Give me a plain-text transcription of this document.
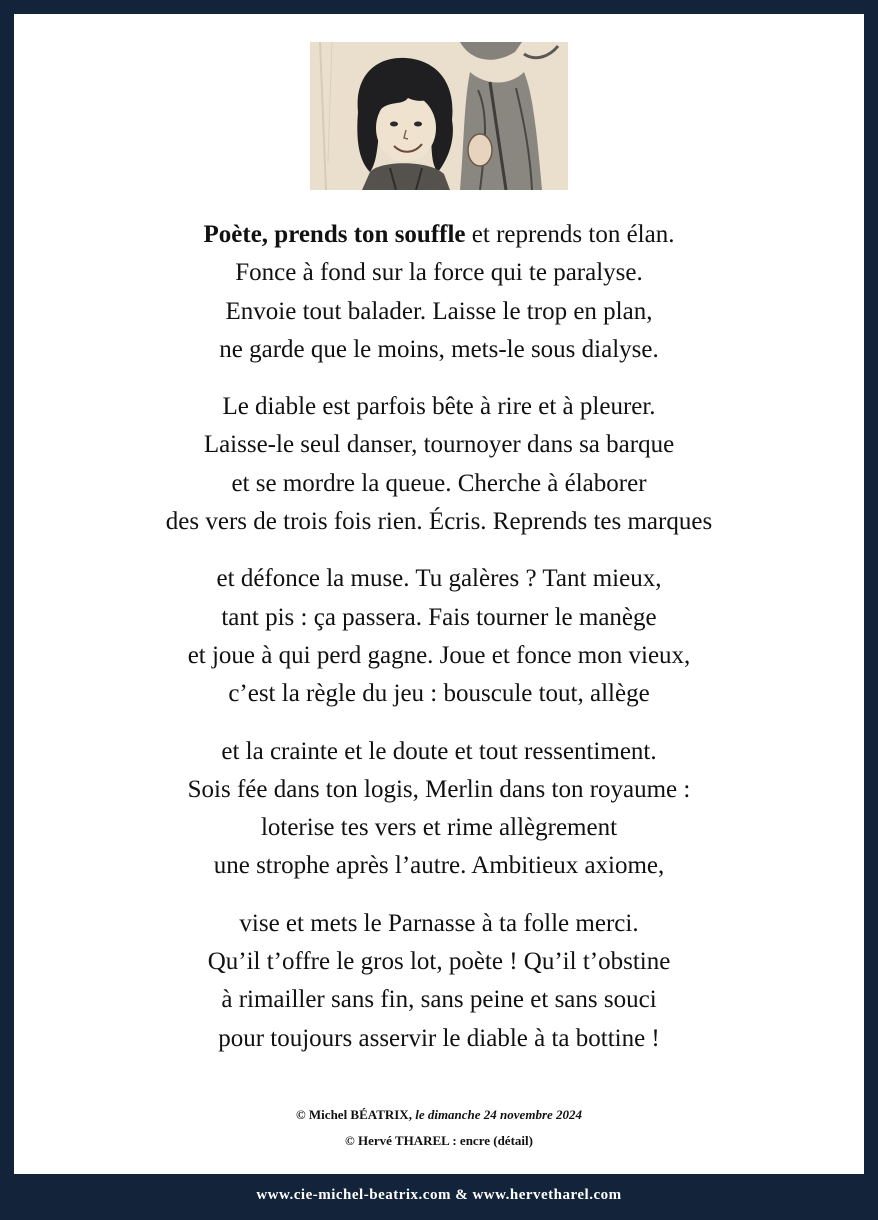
Poète, prends ton souffle et reprends ton élan.
Fonce à fond sur la force qui te paralyse.
Envoie tout balader. Laisse le trop en plan,
ne garde que le moins, mets-le sous dialyse.
Le diable est parfois bête à rire et à pleurer.
Laisse-le seul danser, tournoyer dans sa barque
et se mordre la queue. Cherche à élaborer
des vers de trois fois rien. Écris. Reprends tes marques
et défonce la muse. Tu galères ? Tant mieux,
tant pis : ça passera. Fais tourner le manège
et joue à qui perd gagne. Joue et fonce mon vieux,
c’est la règle du jeu : bouscule tout, allège
et la crainte et le doute et tout ressentiment.
Sois fée dans ton logis, Merlin dans ton royaume :
loterise tes vers et rime allègrement
une strophe après l’autre. Ambitieux axiome,
vise et mets le Parnasse à ta folle merci.
Qu’il t’offre le gros lot, poète ! Qu’il t’obstine
à rimailler sans fin, sans peine et sans souci
pour toujours asservir le diable à ta bottine !
© Michel BÉATRIX, le dimanche 24 novembre 2024
© Hervé THAREL : encre (détail)
www.cie-michel-beatrix.com & www.hervetharel.com
